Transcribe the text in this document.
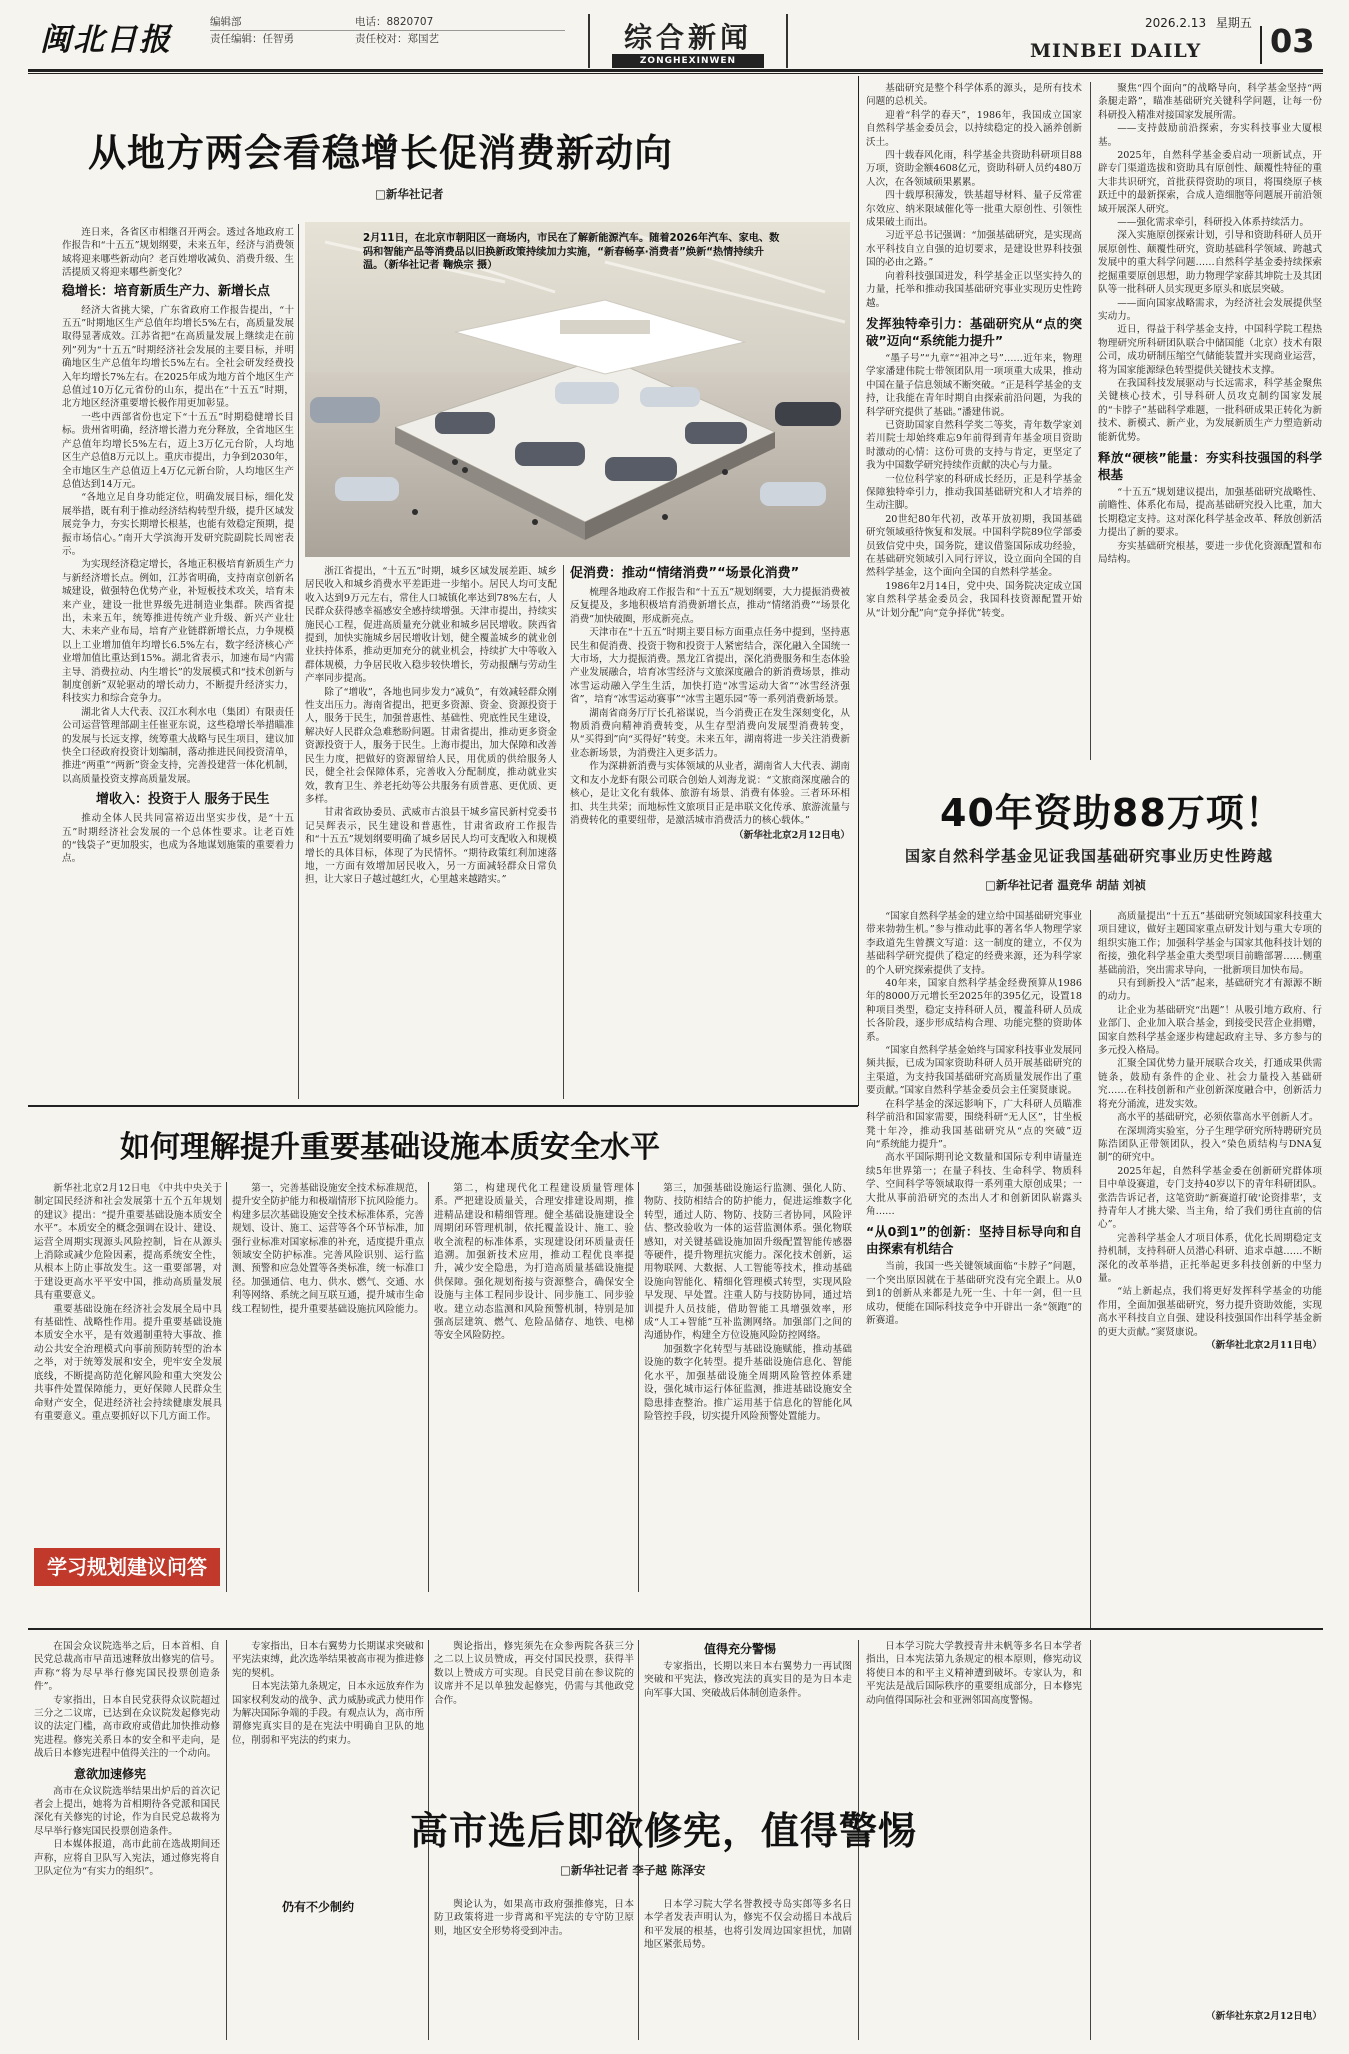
闽北日报	编辑部
责任编辑：任智勇
电话：8820707
责任校对：郑国艺	综合新闻
ZONGHEXINWEN
2026.2.13 星期五
MINBEI DAILY 03
从地方两会看稳增长促消费新动向
□新华社记者
2月11日，在北京市朝阳区一商场内，市民在了解新能源汽车。随着2026年汽车、家电、数码和智能产品等消费品以旧换新政策持续加力实施，“新春畅享·消费者”焕新“热情持续升温。（新华社记者 鞠焕宗 摄）

连日来，各省区市相继召开两会。透过各地政府工作报告和“十五五”规划纲要，未来五年，经济与消费领域将迎来哪些新动向？老百姓增收减负、消费升级、生活提质又将迎来哪些新变化？

稳增长：培育新质生产力、新增长点

经济大省挑大梁，广东省政府工作报告提出，“十五五”时期地区生产总值年均增长5%左右，高质量发展取得显著成效。江苏省把“在高质量发展上继续走在前列”列为“十五五”时期经济社会发展的主要目标，并明确地区生产总值年均增长5%左右。全社会研发经费投入年均增长7%左右。在2025年成为地方首个地区生产总值过10万亿元省份的山东，提出在“十五五”时期，北方地区经济重要增长极作用更加彰显。

一些中西部省份也定下“十五五”时期稳健增长目标。贵州省明确，经济增长潜力充分释放，全省地区生产总值年均增长5%左右，迈上3万亿元台阶，人均地区生产总值8万元以上。重庆市提出，力争到2030年，全市地区生产总值迈上4万亿元新台阶，人均地区生产总值达到14万元。

“各地立足自身功能定位，明确发展目标，细化发展举措，既有利于推动经济结构转型升级，提升区域发展竞争力，夯实长期增长根基，也能有效稳定预期，提振市场信心。”南开大学滨海开发研究院副院长周密表示。

为实现经济稳定增长，各地正积极培育新质生产力与新经济增长点。例如，江苏省明确，支持南京创新名城建设，做强特色优势产业，补短板技术攻关，培育未来产业，建设一批世界级先进制造业集群。陕西省提出，未来五年，统筹推进传统产业升级、新兴产业壮大、未来产业布局，培育产业链群新增长点，力争规模以上工业增加值年均增长6.5%左右，数字经济核心产业增加值比重达到15%。湖北省表示，加速布局“内需主导、消费拉动、内生增长”的发展模式和“技术创新与制度创新”双轮驱动的增长动力，不断提升经济实力，科技实力和综合竞争力。

湖北省人大代表、汉江水利水电（集团）有限责任公司运营管理部副主任崔亚东说，这些稳增长举措瞄准的发展与长远支撑，统筹重大战略与民生项目，建议加快全口径政府投资计划编制，落动推进民间投资清单，推进“两重”“两新”资金支持，完善投建营一体化机制，以高质量投资支撑高质量发展。

增收入：投资于人 服务于民生

推动全体人民共同富裕迈出坚实步伐，是“十五五”时期经济社会发展的一个总体性要求。让老百姓的“钱袋子”更加殷实，也成为各地谋划施策的重要着力点。

浙江省提出，“十五五”时期，城乡区域发展差距、城乡居民收入和城乡消费水平差距进一步缩小。居民人均可支配收入达到9万元左右，常住人口城镇化率达到78%左右，人民群众获得感幸福感安全感持续增强。天津市提出，持续实施民心工程，促进高质量充分就业和城乡居民增收。陕西省提到，加快实施城乡居民增收计划，健全覆盖城乡的就业创业扶持体系，推动更加充分的就业机会，持续扩大中等收入群体规模，力争居民收入稳步较快增长，劳动报酬与劳动生产率同步提高。

除了“增收”，各地也同步发力“减负”，有效减轻群众刚性支出压力。海南省提出，把更多资源、资金、资源投资于人，服务于民生，加强普惠性、基础性、兜底性民生建设，解决好人民群众急难愁盼问题。甘肃省提出，推动更多资金资源投资于人，服务于民生。上海市提出，加大保障和改善民生力度，把做好的资源留给人民，用优质的供给服务人民，健全社会保障体系，完善收入分配制度，推动就业实效，教育卫生、养老托幼等公共服务有质普惠、更优质、更多样。

甘肃省政协委员、武威市古浪县干城乡富民新村党委书记吴辉表示，民生建设和普惠性，甘肃省政府工作报告和“十五五”规划纲要明确了城乡居民人均可支配收入和规模增长的具体目标，体现了为民情怀。“期待政策红利加速落地，一方面有效增加居民收入，另一方面减轻群众日常负担，让大家日子越过越红火，心里越来越踏实。”

促消费：推动“情绪消费”“场景化消费”

梳理各地政府工作报告和“十五五”规划纲要，大力提振消费被反复提及，多地积极培育消费新增长点，推动“情绪消费”“场景化消费”加快破圈，形成新亮点。

天津市在“十五五”时期主要目标方面重点任务中提到，坚持惠民生和促消费、投资于物和投资于人紧密结合，深化融入全国统一大市场，大力提振消费。黑龙江省提出，深化消费服务和生态体验产业发展融合，培育冰雪经济与文旅深度融合的新消费场景，推动冰雪运动融入学生生活，加快打造“冰雪运动大省”“冰雪经济强省”，培育“冰雪运动赛事”“冰雪主题乐园”等一系列消费新场景。

湖南省商务厅厅长孔裕谋说，当今消费正在发生深刻变化，从物质消费向精神消费转变，从生存型消费向发展型消费转变，从“买得到”向“买得好”转变。未来五年，湖南将进一步关注消费新业态新场景，为消费注入更多活力。

作为深耕新消费与实体领域的从业者，湖南省人大代表、湖南文和友小龙虾有限公司联合创始人刘海龙说：“文旅商深度融合的核心，是让文化有载体、旅游有场景、消费有体验。三者环环相扣、共生共荣；而地标性文旅项目正是串联文化传承、旅游流量与消费转化的重要纽带，是激活城市消费活力的核心载体。”

（新华社北京2月12日电）

基础研究是整个科学体系的源头，是所有技术问题的总机关。

迎着“科学的春天”，1986年，我国成立国家自然科学基金委员会，以持续稳定的投入涵养创新沃土。

四十载春风化雨，科学基金共资助科研项目88万项，资助金额4608亿元，资助科研人员约480万人次，在各领域硕果累累。

四十载厚积薄发，铁基超导材料、量子反常霍尔效应、纳米限域催化等一批重大原创性、引领性成果破土而出。

习近平总书记强调：“加强基础研究，是实现高水平科技自立自强的迫切要求，是建设世界科技强国的必由之路。”

向着科技强国进发，科学基金正以坚实持久的力量，托举和推动我国基础研究事业实现历史性跨越。

发挥独特牵引力：基础研究从“点的突破”迈向“系统能力提升”

“墨子号”“九章”“祖冲之号”……近年来，物理学家潘建伟院士带领团队用一项项重大成果，推动中国在量子信息领域不断突破。“正是科学基金的支持，让我能在青年时期自由探索前沿问题，为我的科学研究提供了基础。”潘建伟说。

已资助国家自然科学奖二等奖，青年数学家刘若川院士却始终难忘9年前得到青年基金项目资助时激动的心情：这份可贵的支持与肯定，更坚定了我为中国数学研究持续作贡献的决心与力量。

一位位科学家的科研成长经历，正是科学基金保障独特牵引力，推动我国基础研究和人才培养的生动注脚。

20世纪80年代初，改革开放初期，我国基础研究领域亟待恢复和发展。中国科学院89位学部委员致信党中央，国务院，建议借鉴国际成功经验，在基础研究领域引入同行评议，设立面向全国的自然科学基金，这个面向全国的自然科学基金。

1986年2月14日，党中央、国务院决定成立国家自然科学基金委员会，我国科技资源配置开始从“计划分配”向“竞争择优”转变。

聚焦“四个面向”的战略导向，科学基金坚持“两条腿走路”，瞄准基础研究关键科学问题，让每一份科研投入精准对接国家发展所需。

——支持鼓励前沿探索，夯实科技事业大厦根基。

2025年，自然科学基金委启动一项新试点，开辟专门渠道选拔和资助具有原创性、颠覆性特征的重大非共识研究，首批获得资助的项目，将围绕原子核跃迁中的最新探索，合成人造细胞等问题展开前沿领域开展深人研究。

——强化需求牵引，科研投入体系持续活力。

深入实施原创探索计划，引导和资助科研人员开展原创性、颠覆性研究，资助基础科学领域、跨越式发展中的重大科学问题……自然科学基金委持续探索挖掘重要原创思想，助力物理学家薛其坤院士及其团队等一批科研人员实现更多原头和底层突破。

——面向国家战略需求，为经济社会发展提供坚实动力。

近日，得益于科学基金支持，中国科学院工程热物理研究所科研团队联合中储国能（北京）技术有限公司，成功研制压缩空气储能装置并实现商业运营，将为国家能源绿色转型提供关键技术支撑。

在我国科技发展驱动与长远需求，科学基金聚焦关键核心技术，引导科研人员攻克制约国家发展的“卡脖子”基础科学难题，一批科研成果正转化为新技术、新模式、新产业，为发展新质生产力塑造新动能新优势。

释放“硬核”能量：夯实科技强国的科学根基

“十五五”规划建议提出，加强基础研究战略性、前瞻性、体系化布局，提高基础研究投入比重，加大长期稳定支持。这对深化科学基金改革、释放创新活力提出了新的要求。

夯实基础研究根基，要进一步优化资源配置和布局结构。

40年资助88万项！
国家自然科学基金见证我国基础研究事业历史性跨越
□新华社记者 温竞华 胡喆 刘祯

“国家自然科学基金的建立给中国基础研究事业带来勃勃生机。”参与推动此事的著名华人物理学家李政道先生曾撰文写道：这一制度的建立，不仅为基础科学研究提供了稳定的经费来源，还为科学家的个人研究探索提供了支持。

40年来，国家自然科学基金经费预算从1986年的8000万元增长至2025年的395亿元，设置18种项目类型，稳定支持科研人员，覆盖科研人员成长各阶段，逐步形成结构合理、功能完整的资助体系。

“国家自然科学基金始终与国家科技事业发展同频共振，已成为国家资助科研人员开展基础研究的主渠道，为支持我国基础研究高质量发展作出了重要贡献。”国家自然科学基金委员会主任窦贤康说。

在科学基金的深远影响下，广大科研人员瞄准科学前沿和国家需要，围绕科研“无人区”，甘坐板凳十年冷，推动我国基础研究从“点的突破”迈向“系统能力提升”。

高水平国际期刊论文数量和国际专利申请量连续5年世界第一；在量子科技、生命科学、物质科学、空间科学等领域取得一系列重大原创成果；一大批从事前沿研究的杰出人才和创新团队崭露头角……

“从0到1”的创新：坚持目标导向和自由探索有机结合

当前，我国一些关键领域面临“卡脖子”问题，一个突出原因就在于基础研究没有完全跟上。从0到1的创新从来都是九死一生、十年一剑，但一旦成功，便能在国际科技竞争中开辟出一条“领跑”的新赛道。

高质量提出“十五五”基础研究领域国家科技重大项目建议，做好主题国家重点研发计划与重大专项的组织实施工作；加强科学基金与国家其他科技计划的衔接，強化科学基金重大类型项目前瞻部署……侧重基础前沿，突出需求导向，一批新项目加快布局。

只有到新投入“活”起来，基础研究才有源源不断的动力。

让企业为基础研究“出题”！从吸引地方政府、行业部门、企业加入联合基金，到接受民营企业捐赠，国家自然科学基金逐步构建起政府主导、多方参与的多元投入格局。

汇聚全国优势力量开展联合攻关，打通成果供需链条，鼓励有条件的企业、社会力量投入基础研究……在科技创新和产业创新深度融合中，创新活力将充分涌流，进发实效。

高水平的基础研究，必须依靠高水平创新人才。

在深圳湾实验室，分子生理学研究所特聘研究员陈浩团队正带领团队，投入“染色质结构与DNA复制”的研究中。

2025年起，自然科学基金委在创新研究群体项目中单设赛道，专门支持40岁以下的青年科研团队。张浩告诉记者，这笔资助“新赛道打破‘论资排辈’，支持青年人才挑大梁、当主角，给了我们勇往直前的信心”。

完善科学基金人才项目体系，优化长周期稳定支持机制，支持科研人员潜心科研、追求卓越……不断深化的改革举措，正托举起更多科技创新的中坚力量。

“站上新起点，我们将更好发挥科学基金的功能作用，全面加强基础研究，努力提升资助效能，实现高水平科技自立自强、建设科技强国作出科学基金新的更大贡献。”窦贤康说。

（新华社北京2月11日电）
如何理解提升重要基础设施本质安全水平

新华社北京2月12日电 《中共中央关于制定国民经济和社会发展第十五个五年规划的建议》提出：“提升重要基础设施本质安全水平”。本质安全的概念强调在设计、建设、运营全周期实现源头风险控制，旨在从源头上消除或减少危险因素，提高系统安全性，从根本上防止事故发生。这一重要部署，对于建设更高水平平安中国，推动高质量发展具有重要意义。

重要基础设施在经济社会发展全局中具有基础性、战略性作用。提升重要基础设施本质安全水平，是有效遏制重特大事故、推动公共安全治理模式向事前预防转型的治本之举，对于统筹发展和安全，兜牢安全发展底线，不断提高防范化解风险和重大突发公共事件处置保障能力，更好保障人民群众生命财产安全，促进经济社会持续健康发展具有重要意义。重点要抓好以下几方面工作。

第一，完善基础设施安全技术标准规范，提升安全防护能力和极端情形下抗风险能力。构建多层次基础设施安全技术标准体系，完善规划、设计、施工、运营等各个环节标准，加强行业标准对国家标准的补充，适度提升重点领域安全防护标准。完善风险识别、运行监测、预警和应急处置等各类标准，统一标准口径。加强通信、电力、供水、燃气、交通、水利等网络、系统之间互联互通，提升城市生命线工程韧性，提升重要基础设施抗风险能力。

第二，构建现代化工程建设质量管理体系。严把建设质量关，合理安排建设周期，推进精品建设和精细管理。健全基础设施建设全周期闭环管理机制，依托覆盖设计、施工、验收全流程的标准体系，实现建设闭环质量责任追溯。加强新技术应用，推动工程优良率提升，减少安全隐患，为打造高质量基础设施提供保障。强化规划衔接与资源整合，确保安全设施与主体工程同步设计、同步施工、同步验收。建立动态监测和风险预警机制，特别是加强高层建筑、燃气、危险品储存、地铁、电梯等安全风险防控。

第三，加强基础设施运行监测、强化人防、物防、技防相结合的防护能力，促进运维数字化转型，通过人防、物防、技防三者协同，风险评估、整改验收为一体的运营监测体系。强化物联感知，对关键基础设施加固升级配置智能传感器等硬件，提升物理抗灾能力。深化技术创新，运用物联网、大数据、人工智能等技术，推动基础设施向智能化、精细化管理模式转型，实现风险早发现、早处置。注重人防与技防协同，通过培训提升人员技能，借助智能工具增强效率，形成“人工+智能”互补监测网络。加强部门之间的沟通协作，构建全方位设施风险防控网络。

加强数字化转型与基础设施赋能，推动基础设施的数字化转型。提升基础设施信息化、智能化水平，加强基础设施全周期风险管控体系建设，强化城市运行体征监测，推进基础设施安全隐患排查整治。推广运用基于信息化的智能化风险管控手段，切实提升风险预警处置能力。

学习规划建议问答

在国会众议院选举之后，日本首相、自民党总裁高市早苗迅速释放出修宪的信号。声称“将为尽早举行修宪国民投票创造条件”。

专家指出，日本自民党获得众议院超过三分之二议席，已达到在众议院发起修宪动议的法定门槛，高市政府或借此加快推动修宪进程。修宪关系日本的安全和平走向，是战后日本修宪进程中值得关注的一个动向。

意欲加速修宪

高市在众议院选举结果出炉后的首次记者会上提出，她将为首相期待各党派和国民深化有关修宪的讨论，作为自民党总裁将为尽早举行修宪国民投票创造条件。

日本媒体报道，高市此前在选战期间还声称，应将自卫队写入宪法，通过修宪将自卫队定位为“有实力的组织”。

专家指出，日本右翼势力长期谋求突破和平宪法束缚，此次选举结果被高市视为推进修宪的契机。

日本宪法第九条规定，日本永远放弃作为国家权利发动的战争、武力威胁或武力使用作为解决国际争端的手段。有观点认为，高市所谓修宪真实目的是在宪法中明确自卫队的地位，削弱和平宪法的约束力。

舆论指出，修宪须先在众参两院各获三分之二以上议员赞成，再交付国民投票，获得半数以上赞成方可实现。自民党目前在参议院的议席并不足以单独发起修宪，仍需与其他政党合作。

值得充分警惕

专家指出，长期以来日本右翼势力一再试图突破和平宪法，修改宪法的真实目的是为日本走向军事大国、突破战后体制创造条件。

高市选后即欲修宪，值得警惕
□新华社记者 李子越 陈泽安
仍有不少制约	舆论认为，如果高市政府强推修宪，日本防卫政策将进一步背离和平宪法的专守防卫原则，地区安全形势将受到冲击。

日本学习院大学名誉教授寺岛实郎等多名日本学者发表声明认为，修宪不仅会动摇日本战后和平发展的根基，也将引发周边国家担忧，加剧地区紧张局势。

日本学习院大学教授青井未帆等多名日本学者指出，日本宪法第九条规定的根本原则，修宪动议将使日本的和平主义精神遭到破坏。专家认为，和平宪法是战后国际秩序的重要组成部分，日本修宪动向值得国际社会和亚洲邻国高度警惕。

（新华社东京2月12日电）
